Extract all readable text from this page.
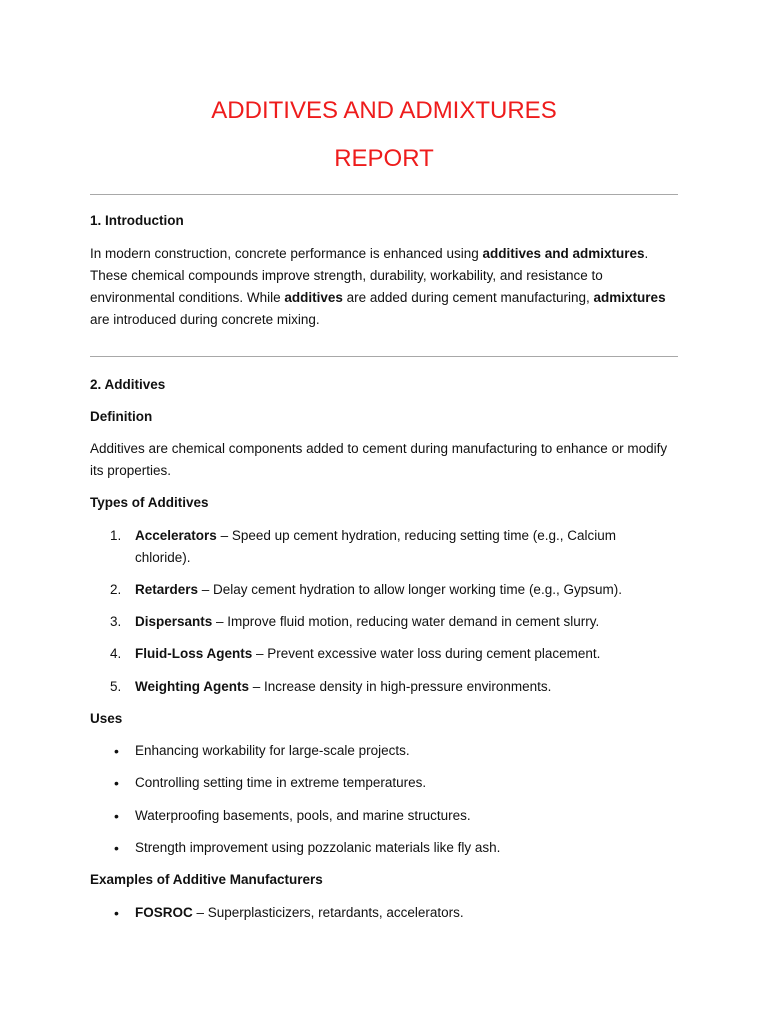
ADDITIVES AND ADMIXTURES
REPORT
1. Introduction

In modern construction, concrete performance is enhanced using additives and admixtures. These chemical compounds improve strength, durability, workability, and resistance to environmental conditions. While additives are added during cement manufacturing, admixtures are introduced during concrete mixing.

2. Additives
Definition

Additives are chemical components added to cement during manufacturing to enhance or modify its properties.

Types of Additives
1.	Accelerators – Speed up cement hydration, reducing setting time (e.g., Calcium chloride).
2.	Retarders – Delay cement hydration to allow longer working time (e.g., Gypsum).
3.	Dispersants – Improve fluid motion, reducing water demand in cement slurry.
4.	Fluid-Loss Agents – Prevent excessive water loss during cement placement.
5.	Weighting Agents – Increase density in high-pressure environments.
Uses
•	Enhancing workability for large-scale projects.
•	Controlling setting time in extreme temperatures.
•	Waterproofing basements, pools, and marine structures.
•	Strength improvement using pozzolanic materials like fly ash.
Examples of Additive Manufacturers
•	FOSROC – Superplasticizers, retardants, accelerators.
